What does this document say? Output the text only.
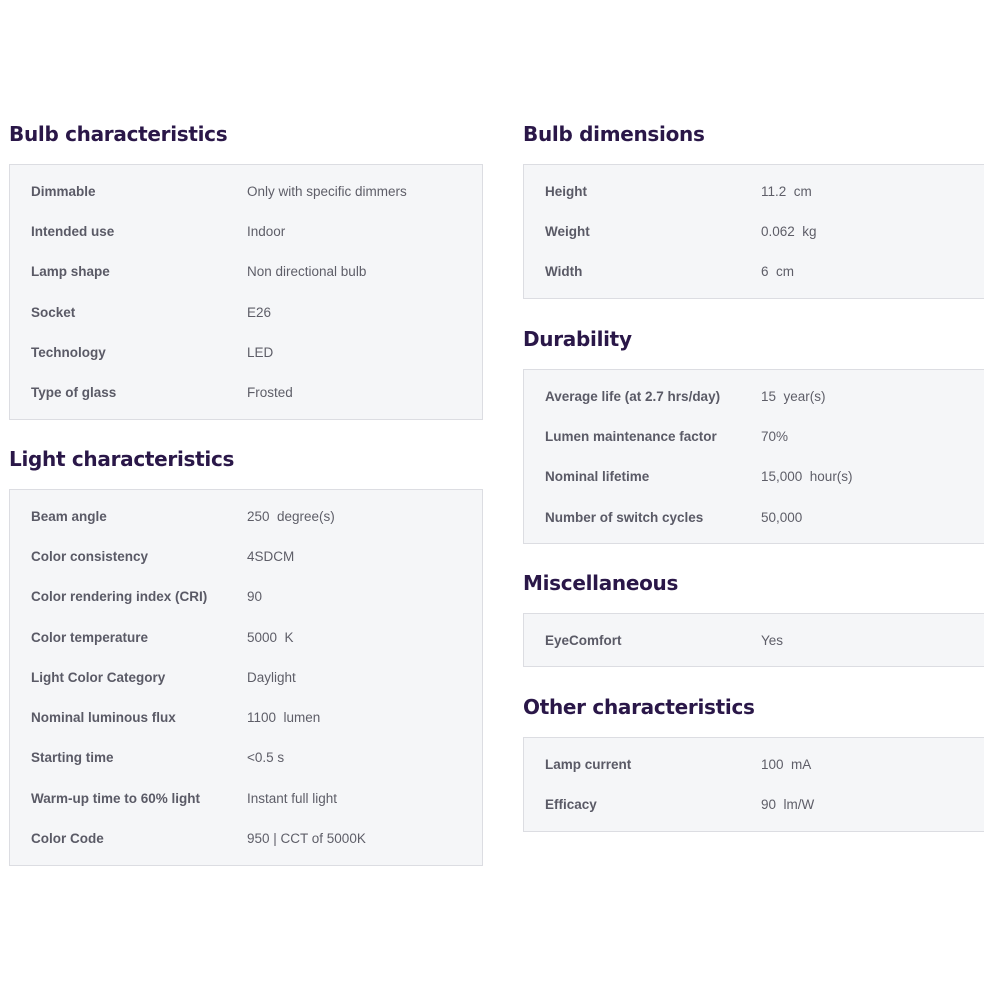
Bulb characteristics
Dimmable	Only with specific dimmers
Intended use	Indoor
Lamp shape	Non directional bulb
Socket	E26
Technology	LED
Type of glass	Frosted
Light characteristics
Beam angle	250  degree(s)
Color consistency	4SDCM
Color rendering index (CRI)	90
Color temperature	5000  K
Light Color Category	Daylight
Nominal luminous flux	1100  lumen
Starting time	<0.5 s
Warm-up time to 60% light	Instant full light
Color Code	950 | CCT of 5000K
Bulb dimensions
Height	11.2  cm
Weight	0.062  kg
Width	6  cm
Durability
Average life (at 2.7 hrs/day)	15  year(s)
Lumen maintenance factor	70%
Nominal lifetime	15,000  hour(s)
Number of switch cycles	50,000
Miscellaneous
EyeComfort	Yes
Other characteristics
Lamp current	100  mA
Efficacy	90  lm/W
